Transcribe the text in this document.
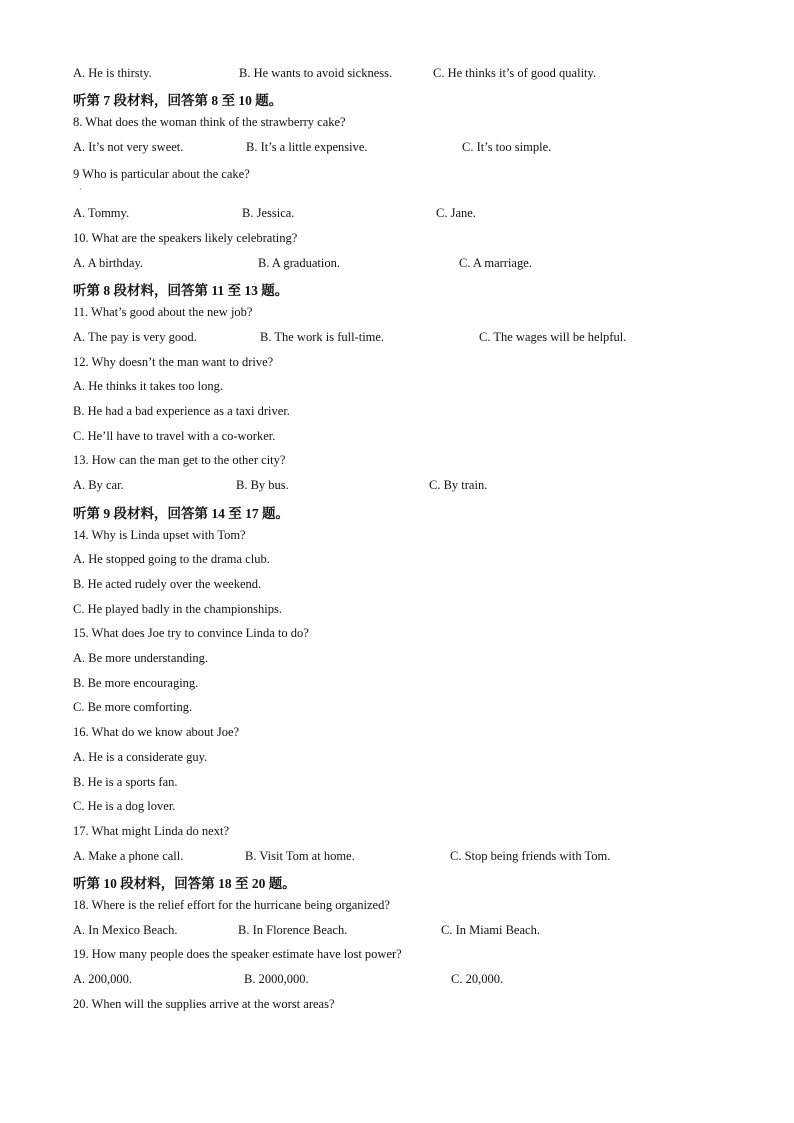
A. He is thirsty.	B. He wants to avoid sickness.	C. He thinks it’s of good quality.
听第 7 段材料，回答第 8 至 10 题。
8. What does the woman think of the strawberry cake?
A. It’s not very sweet.	B. It’s a little expensive.	C. It’s too simple.
9 Who is particular about the cake?
·
A. Tommy.	B. Jessica.	C. Jane.
10. What are the speakers likely celebrating?
A. A birthday.	B. A graduation.	C. A marriage.
听第 8 段材料，回答第 11 至 13 题。
11. What’s good about the new job?
A. The pay is very good.	B. The work is full-time.	C. The wages will be helpful.
12. Why doesn’t the man want to drive?
A. He thinks it takes too long.
B. He had a bad experience as a taxi driver.
C. He’ll have to travel with a co-worker.
13. How can the man get to the other city?
A. By car.	B. By bus.	C. By train.
听第 9 段材料，回答第 14 至 17 题。
14. Why is Linda upset with Tom?
A. He stopped going to the drama club.
B. He acted rudely over the weekend.
C. He played badly in the championships.
15. What does Joe try to convince Linda to do?
A. Be more understanding.
B. Be more encouraging.
C. Be more comforting.
16. What do we know about Joe?
A. He is a considerate guy.
B. He is a sports fan.
C. He is a dog lover.
17. What might Linda do next?
A. Make a phone call.	B. Visit Tom at home.	C. Stop being friends with Tom.
听第 10 段材料，回答第 18 至 20 题。
18. Where is the relief effort for the hurricane being organized?
A. In Mexico Beach.	B. In Florence Beach.	C. In Miami Beach.
19. How many people does the speaker estimate have lost power?
A. 200,000.	B. 2000,000.	C. 20,000.
20. When will the supplies arrive at the worst areas?
